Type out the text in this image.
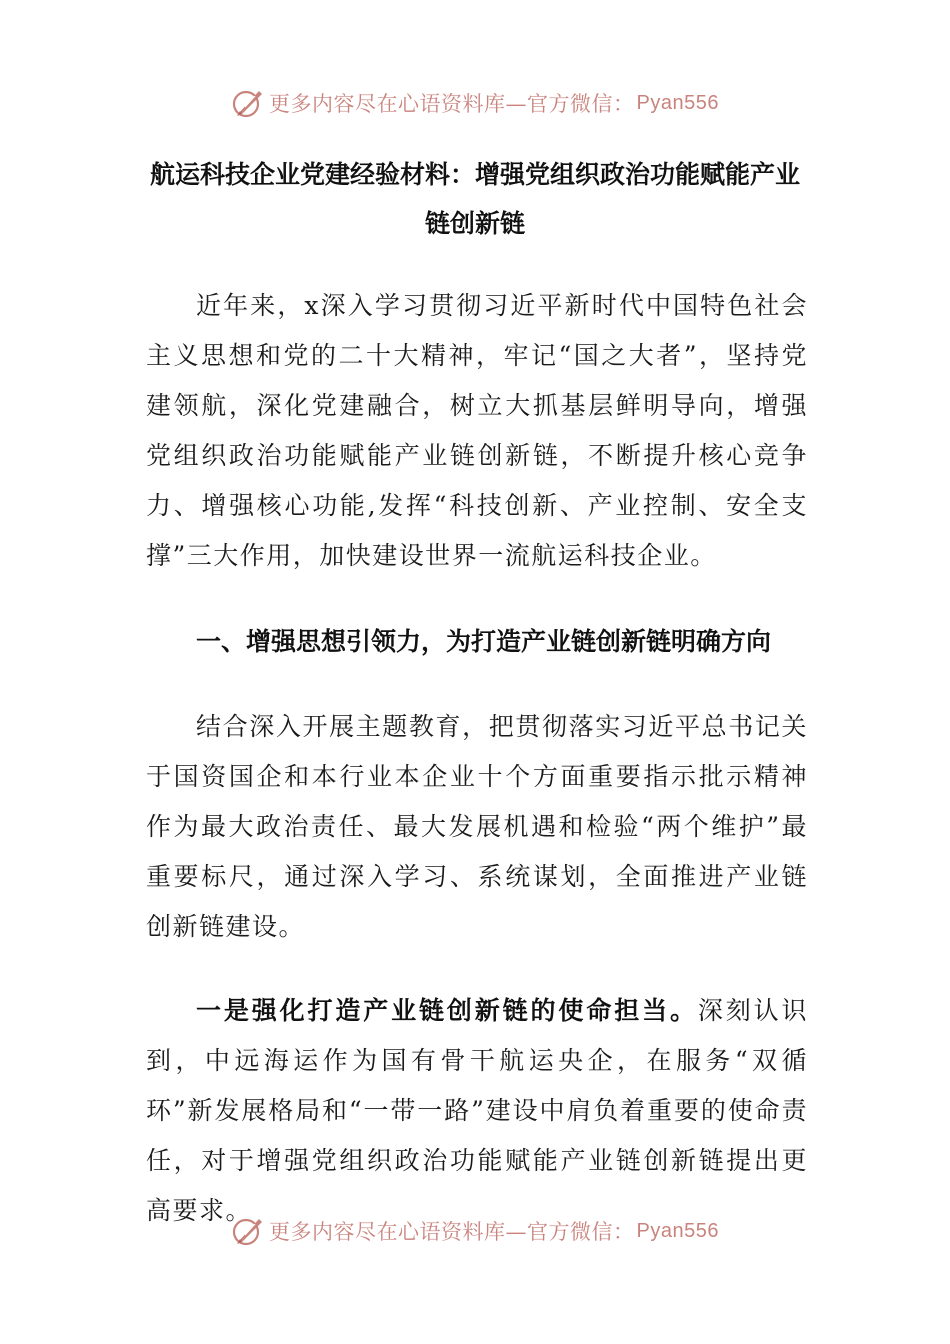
更多内容尽在心语资料库—官方微信： Pyan556
航运科技企业党建经验材料：增强党组织政治功能赋能产业链创新链

近年来，x深入学习贯彻习近平新时代中国特色社会主义思想和党的二十大精神，牢记“国之大者”，坚持党建领航，深化党建融合，树立大抓基层鲜明导向，增强党组织政治功能赋能产业链创新链，不断提升核心竞争力、增强核心功能,发挥“科技创新、产业控制、安全支撑”三大作用，加快建设世界一流航运科技企业。

一、增强思想引领力，为打造产业链创新链明确方向

结合深入开展主题教育，把贯彻落实习近平总书记关于国资国企和本行业本企业十个方面重要指示批示精神作为最大政治责任、最大发展机遇和检验“两个维护”最重要标尺，通过深入学习、系统谋划，全面推进产业链创新链建设。

一是强化打造产业链创新链的使命担当。深刻认识到，中远海运作为国有骨干航运央企，在服务“双循环”新发展格局和“一带一路”建设中肩负着重要的使命责任，对于增强党组织政治功能赋能产业链创新链提出更高要求。

更多内容尽在心语资料库—官方微信： Pyan556
